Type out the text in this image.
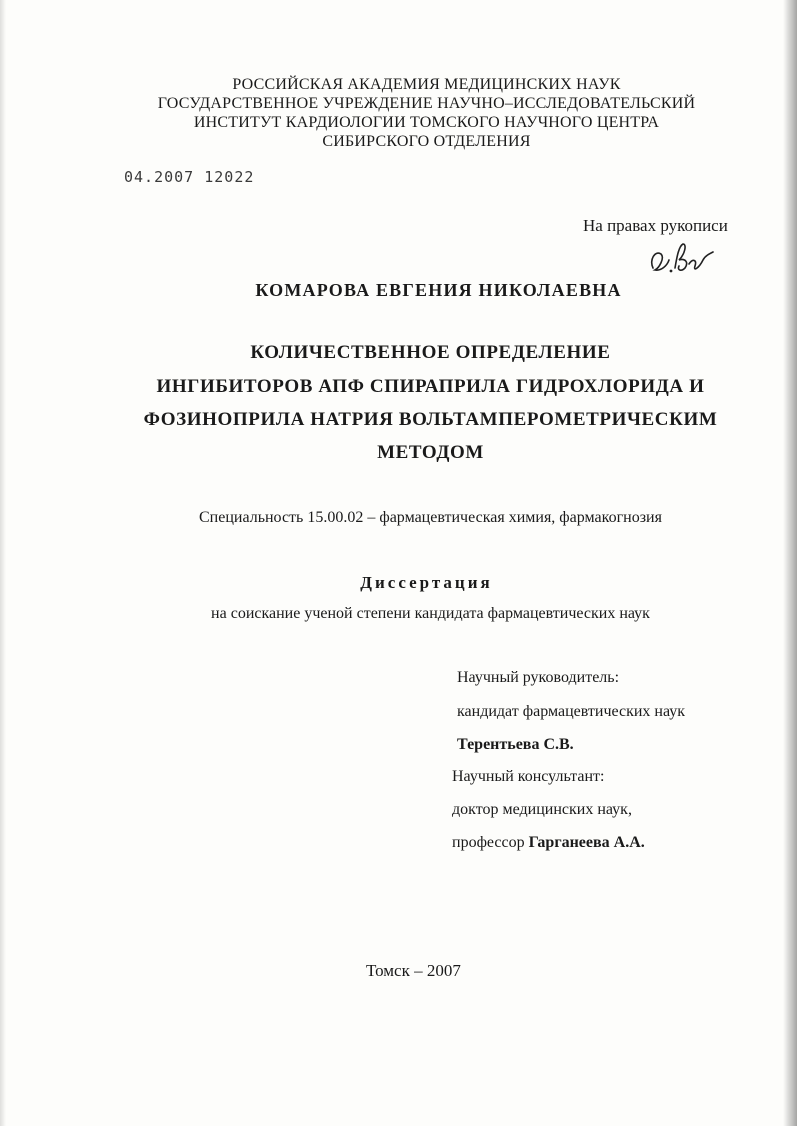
РОССИЙСКАЯ АКАДЕМИЯ МЕДИЦИНСКИХ НАУК
ГОСУДАРСТВЕННОЕ УЧРЕЖДЕНИЕ НАУЧНО–ИССЛЕДОВАТЕЛЬСКИЙ
ИНСТИТУТ КАРДИОЛОГИИ ТОМСКОГО НАУЧНОГО ЦЕНТРА
СИБИРСКОГО ОТДЕЛЕНИЯ
04.2007 12022
На правах рукописи
КОМАРОВА ЕВГЕНИЯ НИКОЛАЕВНА
КОЛИЧЕСТВЕННОЕ ОПРЕДЕЛЕНИЕ
ИНГИБИТОРОВ АПФ СПИРАПРИЛА ГИДРОХЛОРИДА И
ФОЗИНОПРИЛА НАТРИЯ ВОЛЬТАМПЕРОМЕТРИЧЕСКИМ
МЕТОДОМ
Специальность 15.00.02 – фармацевтическая химия, фармакогнозия
Диссертация
на соискание ученой степени кандидата фармацевтических наук
Научный руководитель:
кандидат фармацевтических наук
Терентьева С.В.
Научный консультант:
доктор медицинских наук,
профессор Гарганеева А.А.
Томск – 2007
